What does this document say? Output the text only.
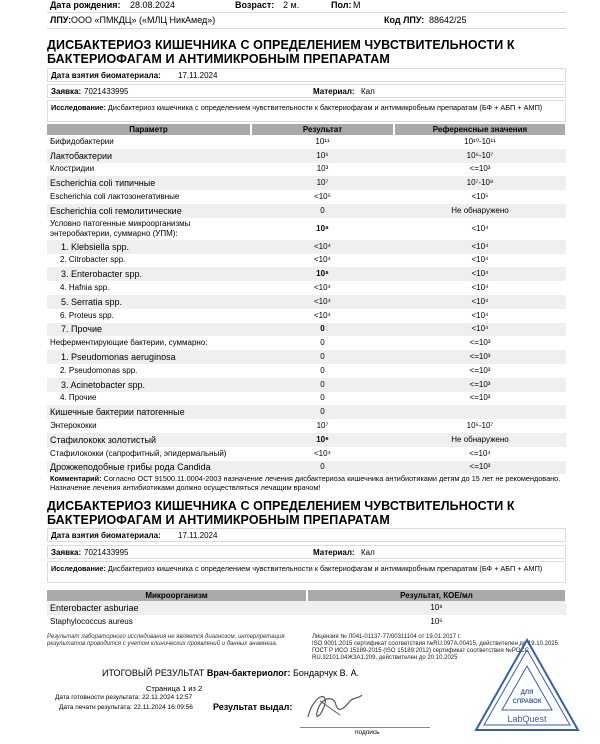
Дата рождения: 28.08.2024	Возраст: 2 м.	Пол: М
ЛПУ: ООО «ПМКДЦ» («МЛЦ НикАмед»)	Код ЛПУ: 88642/25
ДИСБАКТЕРИОЗ КИШЕЧНИКА С ОПРЕДЕЛЕНИЕМ ЧУВСТВИТЕЛЬНОСТИ К
БАКТЕРИОФАГАМ И АНТИМИКРОБНЫМ ПРЕПАРАТАМ
Дата взятия биоматериала: 17.11.2024
Заявка: 7021433995	Материал: Кал
Исследование: Дисбактериоз кишечника с определением чувствительности к бактериофагам и антимикробным препаратам (БФ + АБП + АМП)
Параметр	Результат	Референсные значения
Бифидобактерии	10¹¹	10¹⁰-10¹¹
Лактобактерии	10⁶	10⁶-10⁷
Клостридии	10³	<=10³
Escherichia coli типичные	10⁷	10⁷-10⁸
Escherichia coli лактозонегативные	<10⁵	<10⁵
Escherichia coli гемолитические	0	Не обнаружено
Условно патогенные микроорганизмы энтеробактерии, суммарно (УПМ):	10⁸	<10⁴
1. Klebsiella spp.	<10⁴	<10⁴
2. Citrobacter spp.	<10⁴	<10⁴
3. Enterobacter spp.	10⁸	<10⁴
4. Hafnia spp.	<10⁴	<10⁴
5. Serratia spp.	<10⁴	<10⁴
6. Proteus spp.	<10⁴	<10⁴
7. Прочие	0	<10⁴
Неферментирующие бактерии, суммарно:	0	<=10³
1. Pseudomonas aeruginosa	0	<=10³
2. Pseudomonas spp.	0	<=10³
3. Acinetobacter spp.	0	<=10³
4. Прочие	0	<=10³
Кишечные бактерии патогенные	0	
Энтерококки	10⁷	10⁵-10⁷
Стафилококк золотистый	10⁶	Не обнаружено
Стафилококки (сапрофитный, эпидермальный)	<10⁴	<=10⁴
Дрожжеподобные грибы рода Candida	0	<=10³
Комментарий: Согласно ОСТ 91500.11.0004-2003 назначение лечения дисбактериоза кишечника антибиотиками детям до 15 лет не рекомендовано. Назначение лечения антибиотиками должно осуществляться лечащим врачом!
ДИСБАКТЕРИОЗ КИШЕЧНИКА С ОПРЕДЕЛЕНИЕМ ЧУВСТВИТЕЛЬНОСТИ К
БАКТЕРИОФАГАМ И АНТИМИКРОБНЫМ ПРЕПАРАТАМ
Дата взятия биоматериала: 17.11.2024
Заявка: 7021433995	Материал: Кал
Исследование: Дисбактериоз кишечника с определением чувствительности к бактериофагам и антимикробным препаратам (БФ + АБП + АМП)
Микроорганизм	Результат, КОЕ/мл
Enterobacter asburiae	10⁸
Staphylococcus aureus	10⁶
Результат лабораторного исследования не является диагнозом, интерпретация результатов проводится с учетом клинических проявлений и данных анамнеза.
Лицензия № Л041-01137-77/00311104 от 19.01.2017 г.
ISO 9001:2015 сертификат соответствия №RU.097A.00415, действителен до 19.10.2025
ГОСТ Р ИСО 15189-2015 (ISO 15189:2012) сертификат соответствия №РОСС
RU.32101.04ЖЗА1.209, действителен до 20.10.2025
ИТОГОВЫЙ РЕЗУЛЬТАТ Врач-бактериолог: Бондарчук В. А.
Страница 1 из 2
Дата готовности результата: 22.11.2024 12:57
Дата печати результата: 22.11.2024 16:09:56 Результат выдал:
подпись
ДЛЯ
СПРАВОК
LabQuest
